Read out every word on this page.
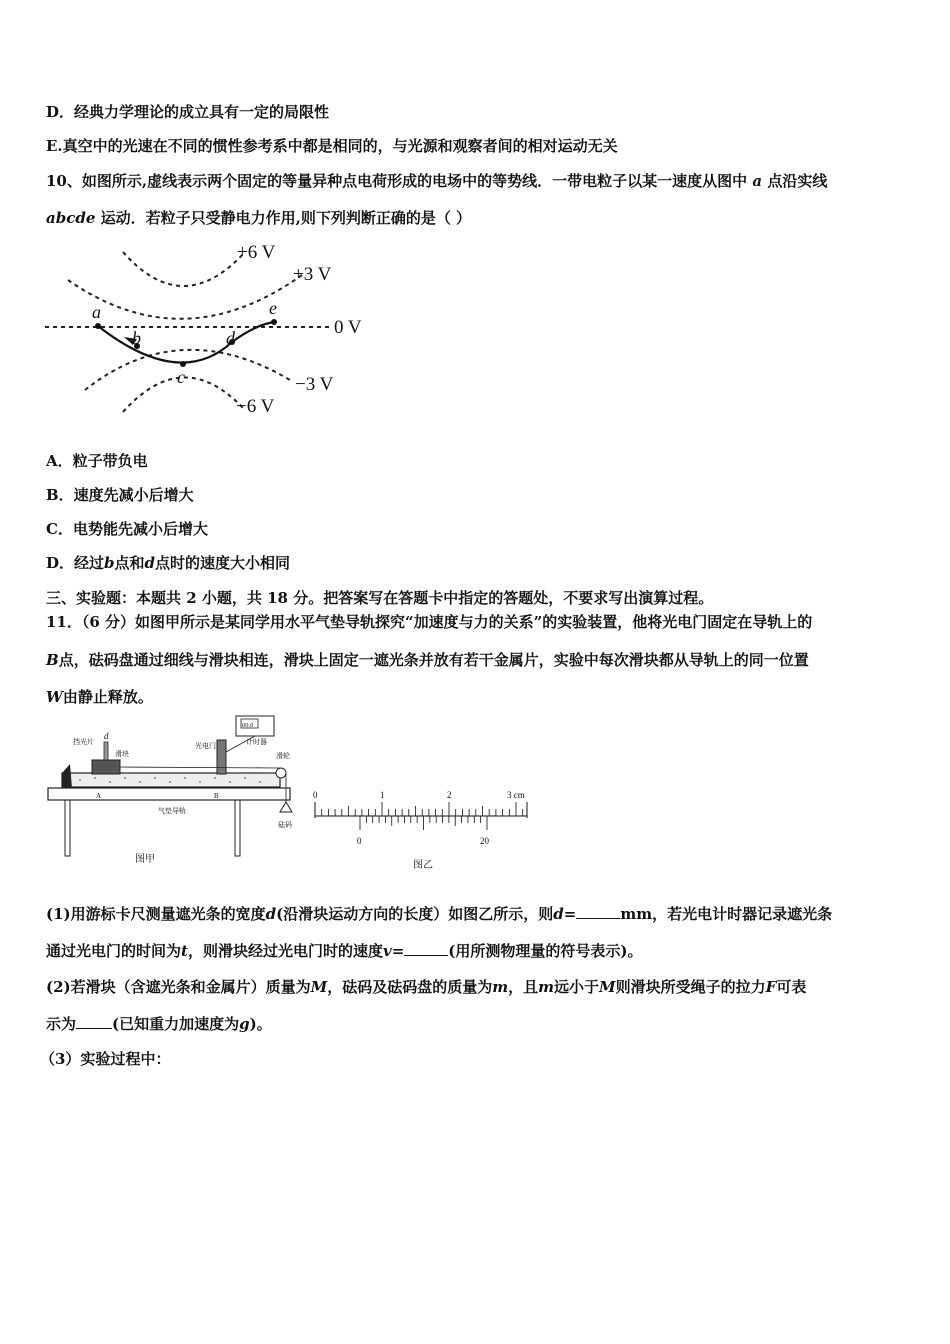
D．经典力学理论的成立具有一定的局限性
E.真空中的光速在不同的惯性参考系中都是相同的，与光源和观察者间的相对运动无关
10、如图所示,虚线表示两个固定的等量异种点电荷形成的电场中的等势线．一带电粒子以某一速度从图中 a 点沿实线
abcde 运动．若粒子只受静电力作用,则下列判断正确的是（ ）
+6 V
+3 V
0 V
−3 V
−6 V
a
b
c
d
e
A．粒子带负电
B．速度先减小后增大
C．电势能先减小后增大
D．经过b点和d点时的速度大小相同
三、实验题：本题共 2 小题，共 18 分。把答案写在答题卡中指定的答题处，不要求写出演算过程。
11．（6 分）如图甲所示是某同学用水平气垫导轨探究“加速度与力的关系”的实验装置，他将光电门固定在导轨上的
B点，砝码盘通过细线与滑块相连，滑块上固定一遮光条并放有若干金属片，实验中每次滑块都从导轨上的同一位置
W由静止释放。
00.0
挡光片
d
滑块
光电门	计时器
滑轮
A	B
气垫导轨
砝码
图甲
0	1	2	3 cm
0	20
图乙
(1)用游标卡尺测量遮光条的宽度d(沿滑块运动方向的长度）如图乙所示，则d=	mm，若光电计时器记录遮光条
通过光电门的时间为t，则滑块经过光电门时的速度v=	(用所测物理量的符号表示)。
(2)若滑块（含遮光条和金属片）质量为M，砝码及砝码盘的质量为m，且m远小于M则滑块所受绳子的拉力F可表
示为 (已知重力加速度为g)。
（3）实验过程中：
